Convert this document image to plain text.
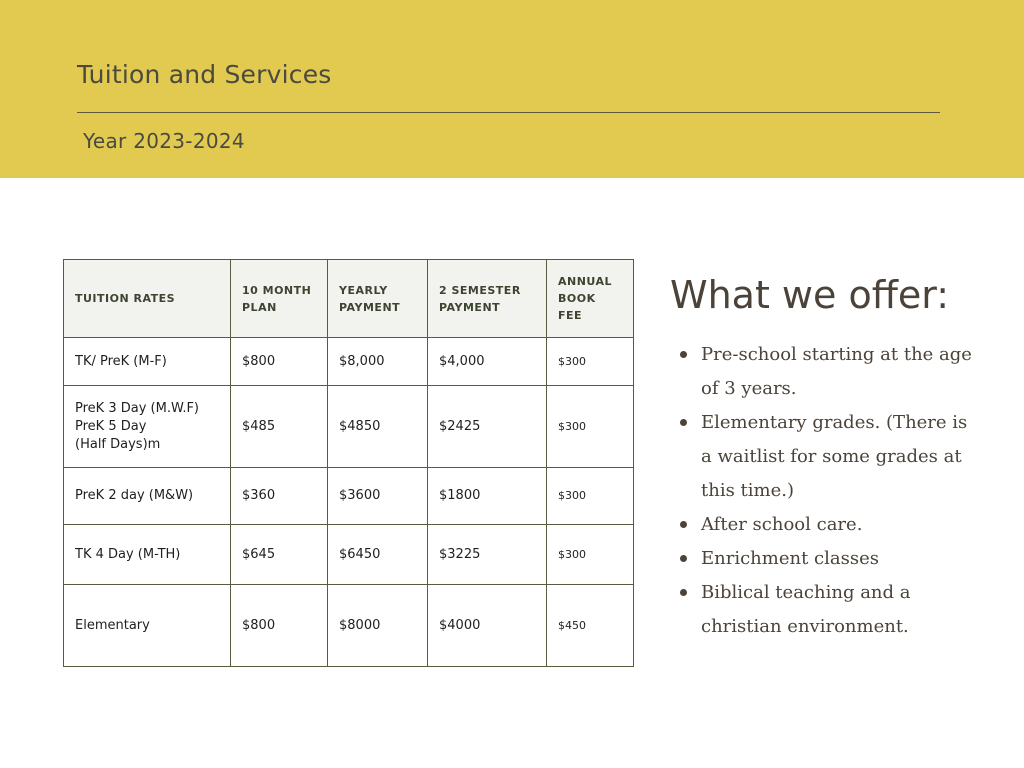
Tuition and Services
Year 2023-2024
TUITION RATES	10 MONTH PLAN	YEARLY PAYMENT	2 SEMESTER PAYMENT	ANNUAL BOOK FEE
TK/ PreK (M-F)	$800	$8,000	$4,000	$300
PreK 3 Day (M.W.F)
PreK 5 Day
(Half Days)m	$485	$4850	$2425	$300
PreK 2 day (M&W)	$360	$3600	$1800	$300
TK 4 Day (M-TH)	$645	$6450	$3225	$300
Elementary	$800	$8000	$4000	$450
What we offer:
Pre-school starting at the age of 3 years.
Elementary grades. (There is a waitlist for some grades at this time.)
After school care.
Enrichment classes
Biblical teaching and a christian environment.
